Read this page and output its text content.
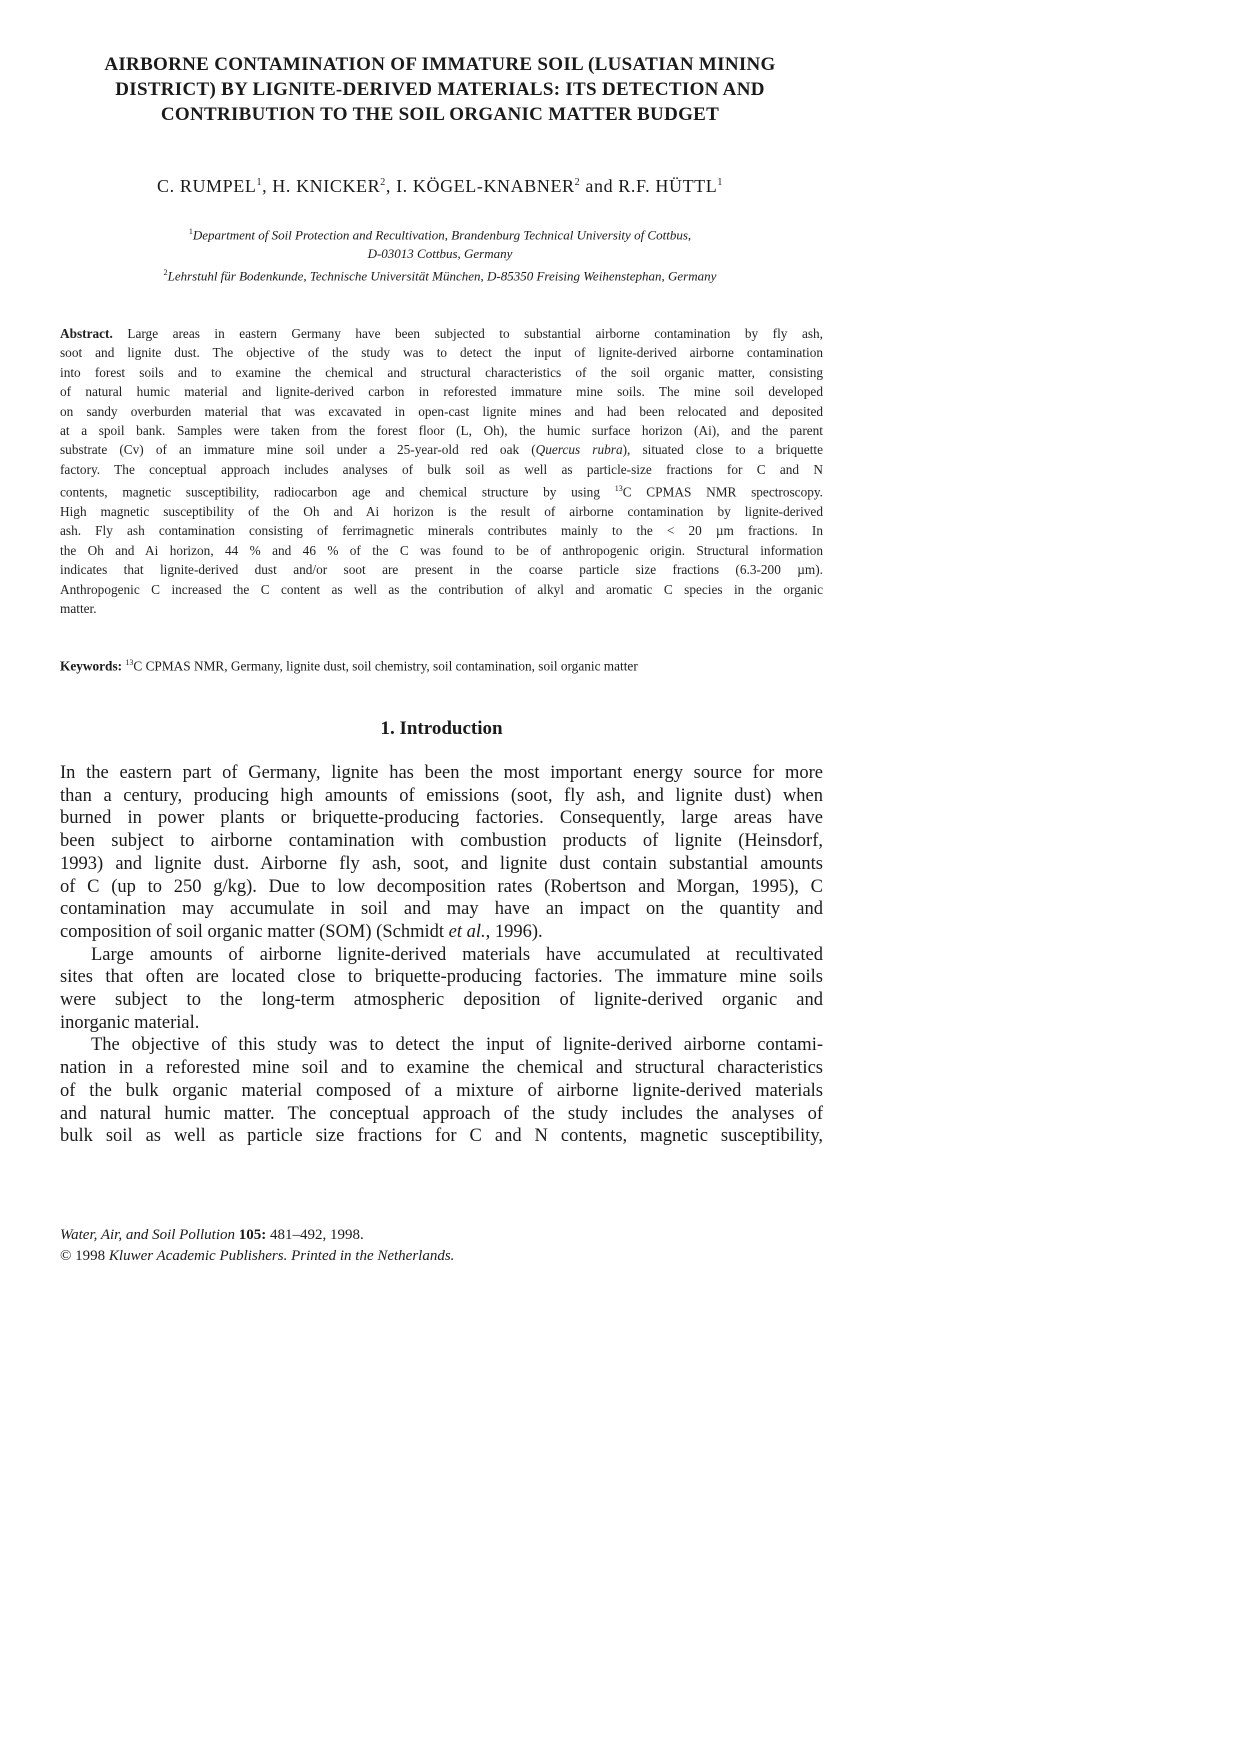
AIRBORNE CONTAMINATION OF IMMATURE SOIL (LUSATIAN MINING
DISTRICT) BY LIGNITE-DERIVED MATERIALS: ITS DETECTION AND
CONTRIBUTION TO THE SOIL ORGANIC MATTER BUDGET
C. RUMPEL$^1$, H. KNICKER$^2$, I. KÖGEL-KNABNER$^2$ and R.F. HÜTTL$^1$
$^1$Department of Soil Protection and Recultivation, Brandenburg Technical University of Cottbus,
D-03013 Cottbus, Germany
$^2$Lehrstuhl für Bodenkunde, Technische Universität München, D-85350 Freising Weihenstephan, Germany
Abstract. Large areas in eastern Germany have been subjected to substantial airborne contamination by fly ash,
soot and lignite dust. The objective of the study was to detect the input of lignite-derived airborne contamination
into forest soils and to examine the chemical and structural characteristics of the soil organic matter, consisting
of natural humic material and lignite-derived carbon in reforested immature mine soils. The mine soil developed
on sandy overburden material that was excavated in open-cast lignite mines and had been relocated and deposited
at a spoil bank. Samples were taken from the forest floor (L, Oh), the humic surface horizon (Ai), and the parent
substrate (Cv) of an immature mine soil under a 25-year-old red oak (Quercus rubra), situated close to a briquette
factory. The conceptual approach includes analyses of bulk soil as well as particle-size fractions for C and N
contents, magnetic susceptibility, radiocarbon age and chemical structure by using $^{13}$C CPMAS NMR spectroscopy.
High magnetic susceptibility of the Oh and Ai horizon is the result of airborne contamination by lignite-derived
ash. Fly ash contamination consisting of ferrimagnetic minerals contributes mainly to the < 20 µm fractions. In
the Oh and Ai horizon, 44 % and 46 % of the C was found to be of anthropogenic origin. Structural information
indicates that lignite-derived dust and/or soot are present in the coarse particle size fractions (6.3-200 µm).
Anthropogenic C increased the C content as well as the contribution of alkyl and aromatic C species in the organic
matter.
Keywords: $^{13}$C CPMAS NMR, Germany, lignite dust, soil chemistry, soil contamination, soil organic matter
1. Introduction
In the eastern part of Germany, lignite has been the most important energy source for more
than a century, producing high amounts of emissions (soot, fly ash, and lignite dust) when
burned in power plants or briquette-producing factories. Consequently, large areas have
been subject to airborne contamination with combustion products of lignite (Heinsdorf,
1993) and lignite dust. Airborne fly ash, soot, and lignite dust contain substantial amounts
of C (up to 250 g/kg). Due to low decomposition rates (Robertson and Morgan, 1995), C
contamination may accumulate in soil and may have an impact on the quantity and
composition of soil organic matter (SOM) (Schmidt et al., 1996).
Large amounts of airborne lignite-derived materials have accumulated at recultivated
sites that often are located close to briquette-producing factories. The immature mine soils
were subject to the long-term atmospheric deposition of lignite-derived organic and
inorganic material.
The objective of this study was to detect the input of lignite-derived airborne contami-
nation in a reforested mine soil and to examine the chemical and structural characteristics
of the bulk organic material composed of a mixture of airborne lignite-derived materials
and natural humic matter. The conceptual approach of the study includes the analyses of
bulk soil as well as particle size fractions for C and N contents, magnetic susceptibility,
Water, Air, and Soil Pollution 105: 481–492, 1998.
© 1998 Kluwer Academic Publishers. Printed in the Netherlands.
